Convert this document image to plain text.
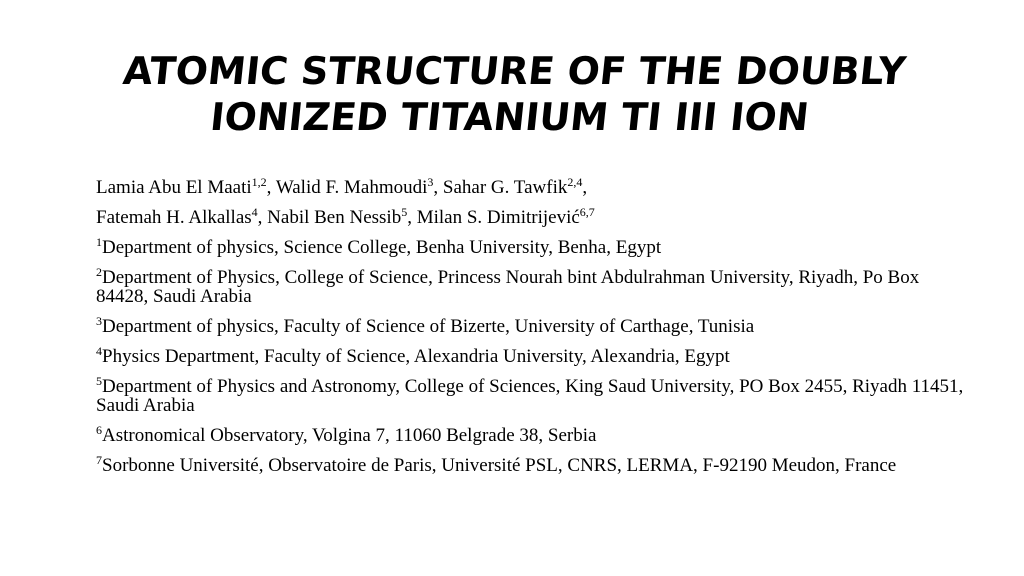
ATOMIC STRUCTURE OF THE DOUBLY
IONIZED TITANIUM TI III ION

Lamia Abu El Maati$^{1,2}$, Walid F. Mahmoudi$^3$, Sahar G. Tawfik$^{2,4}$,

Fatemah H. Alkallas$^4$, Nabil Ben Nessib$^5$, Milan S. Dimitrijević$^{6,7}$

$^1$Department of physics, Science College, Benha University, Benha, Egypt

$^2$Department of Physics, College of Science, Princess Nourah bint Abdulrahman University, Riyadh, Po Box 84428, Saudi Arabia

$^3$Department of physics, Faculty of Science of Bizerte, University of Carthage, Tunisia

$^4$Physics Department, Faculty of Science, Alexandria University, Alexandria, Egypt

$^5$Department of Physics and Astronomy, College of Sciences, King Saud University, PO Box 2455, Riyadh 11451, Saudi Arabia

$^6$Astronomical Observatory, Volgina 7, 11060 Belgrade 38, Serbia

$^7$Sorbonne Université, Observatoire de Paris, Université PSL, CNRS, LERMA, F-92190 Meudon, France
